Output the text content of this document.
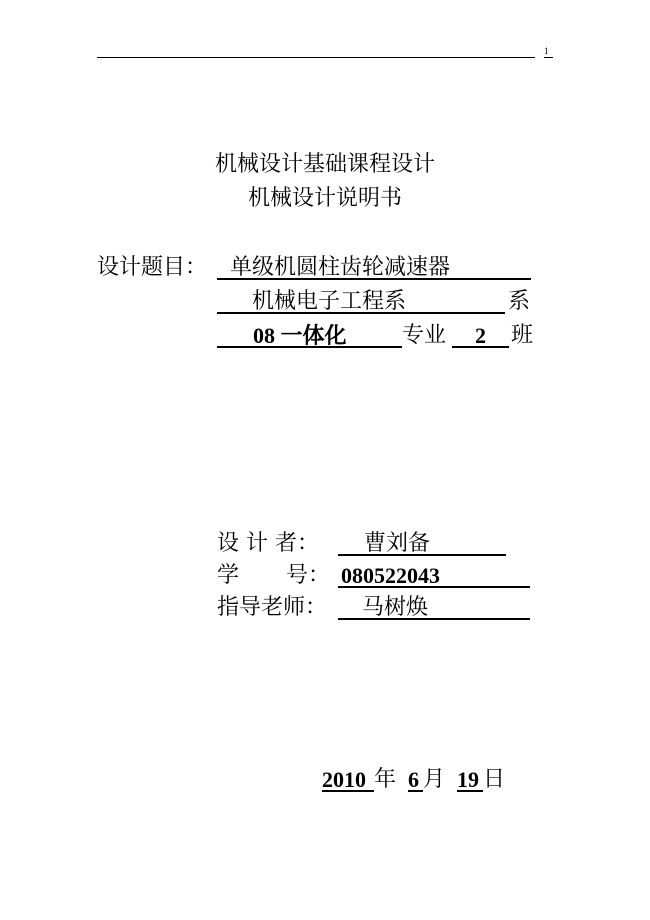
1
机械设计基础课程设计
机械设计说明书
设计题目：	单级机圆柱齿轮减速器
机械电子工程系	系
08 一体化	专业	2	班
设 计 者：	曹刘备
学 号： 080522043
指导老师：	马树焕
2010 年 6 月 19 日
